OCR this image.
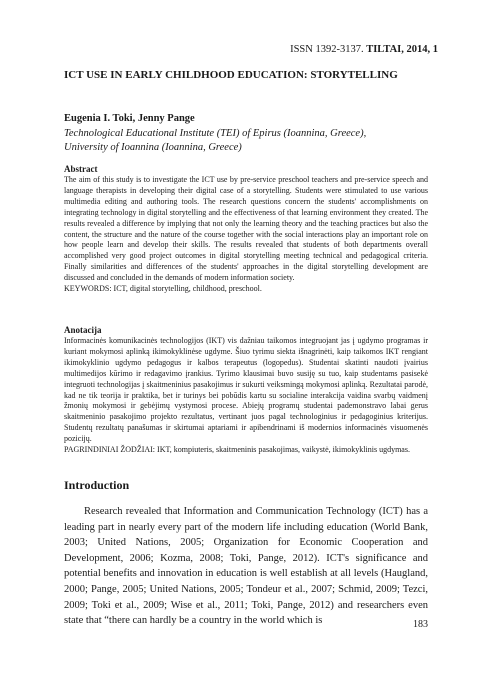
ISSN 1392-3137. TILTAI, 2014, 1
ICT USE IN EARLY CHILDHOOD EDUCATION: STORYTELLING
Eugenia I. Toki, Jenny Pange
Technological Educational Institute (TEI) of Epirus (Ioannina, Greece),
University of Ioannina (Ioannina, Greece)
Abstract

The aim of this study is to investigate the ICT use by pre-service preschool teachers and pre-service speech and language therapists in developing their digital case of a storytelling. Students were stimulated to use various multimedia editing and authoring tools. The research questions concern the students' accomplishments on integrating technology in digital storytelling and the effectiveness of that learning environment they created. The results revealed a difference by implying that not only the learning theory and the teaching practices but also the content, the structure and the nature of the course together with the social interactions play an important role on how people learn and develop their skills. The results revealed that students of both departments overall accomplished very good project outcomes in digital storytelling meeting technical and pedagogical criteria. Finally similarities and differences of the students' approaches in the digital storytelling development are discussed and concluded in the demands of modern information society.
KEYWORDS: ICT, digital storytelling, childhood, preschool.

Anotacija

Informacinės komunikacinės technologijos (IKT) vis dažniau taikomos integruojant jas į ugdymo programas ir kuriant mokymosi aplinką ikimokyklinėse ugdyme. Šiuo tyrimu siekta išnagrinėti, kaip taikomos IKT rengiant ikimokyklinio ugdymo pedagogus ir kalbos terapeutus (logopedus). Studentai skatinti naudoti įvairius multimedijos kūrimo ir redagavimo įrankius. Tyrimo klausimai buvo susiję su tuo, kaip studentams pasisekė integruoti technologijas į skaitmeninius pasakojimus ir sukurti veiksmingą mokymosi aplinką. Rezultatai parodė, kad ne tik teorija ir praktika, bet ir turinys bei pobūdis kartu su socialine interakcija vaidina svarbų vaidmenį žmonių mokymosi ir gebėjimų vystymosi procese. Abiejų programų studentai pademonstravo labai gerus skaitmeninio pasakojimo projekto rezultatus, vertinant juos pagal technologinius ir pedagoginius kriterijus. Studentų rezultatų panašumas ir skirtumai aptariami ir apibendrinami iš modernios informacinės visuomenės pozicijų.
PAGRINDINIAI ŽODŽIAI: IKT, kompiuteris, skaitmeninis pasakojimas, vaikystė, ikimokyklinis ugdymas.

Introduction

Research revealed that Information and Communication Technology (ICT) has a leading part in nearly every part of the modern life including education (World Bank, 2003; United Nations, 2005; Organization for Economic Cooperation and Development, 2006; Kozma, 2008; Toki, Pange, 2012). ICT's significance and potential benefits and innovation in education is well establish at all levels (Haugland, 2000; Pange, 2005; United Nations, 2005; Tondeur et al., 2007; Schmid, 2009; Tezci, 2009; Toki et al., 2009; Wise et al., 2011; Toki, Pange, 2012) and researchers even state that “there can hardly be a country in the world which is	183
